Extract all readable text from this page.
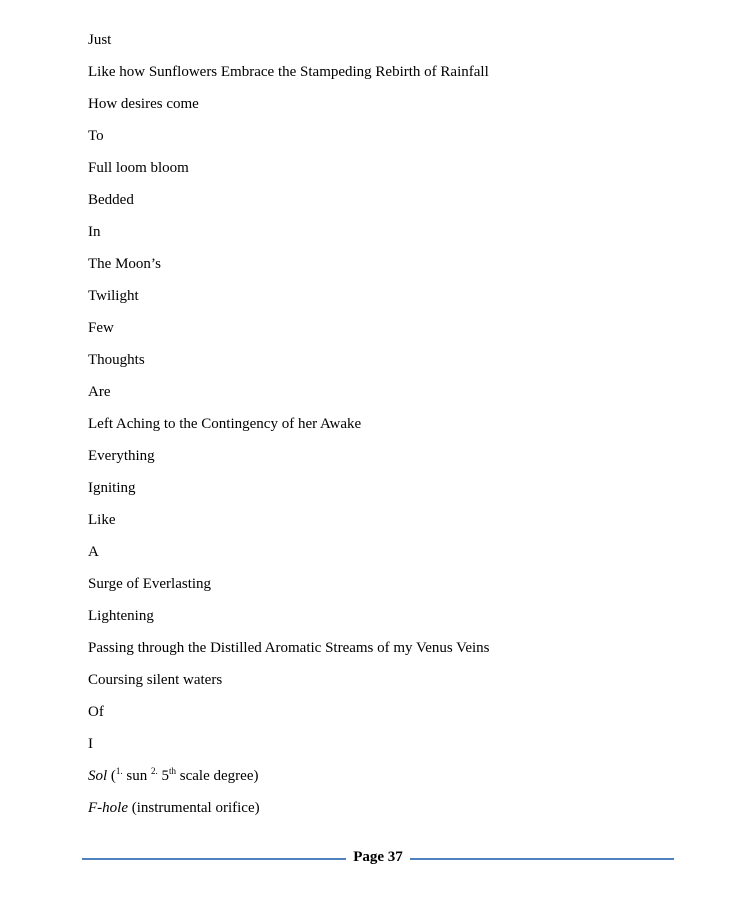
Just
Like how Sunflowers Embrace the Stampeding Rebirth of Rainfall
How desires come
To
Full loom bloom
Bedded
In
The Moon’s
Twilight
Few
Thoughts
Are
Left Aching to the Contingency of her Awake
Everything
Igniting
Like
A
Surge of Everlasting
Lightening
Passing through the Distilled Aromatic Streams of my Venus Veins
Coursing silent waters
Of
I
Sol ($^{1.}$ sun $^{2.}$ 5th scale degree)
F-hole (instrumental orifice)
Page 37
